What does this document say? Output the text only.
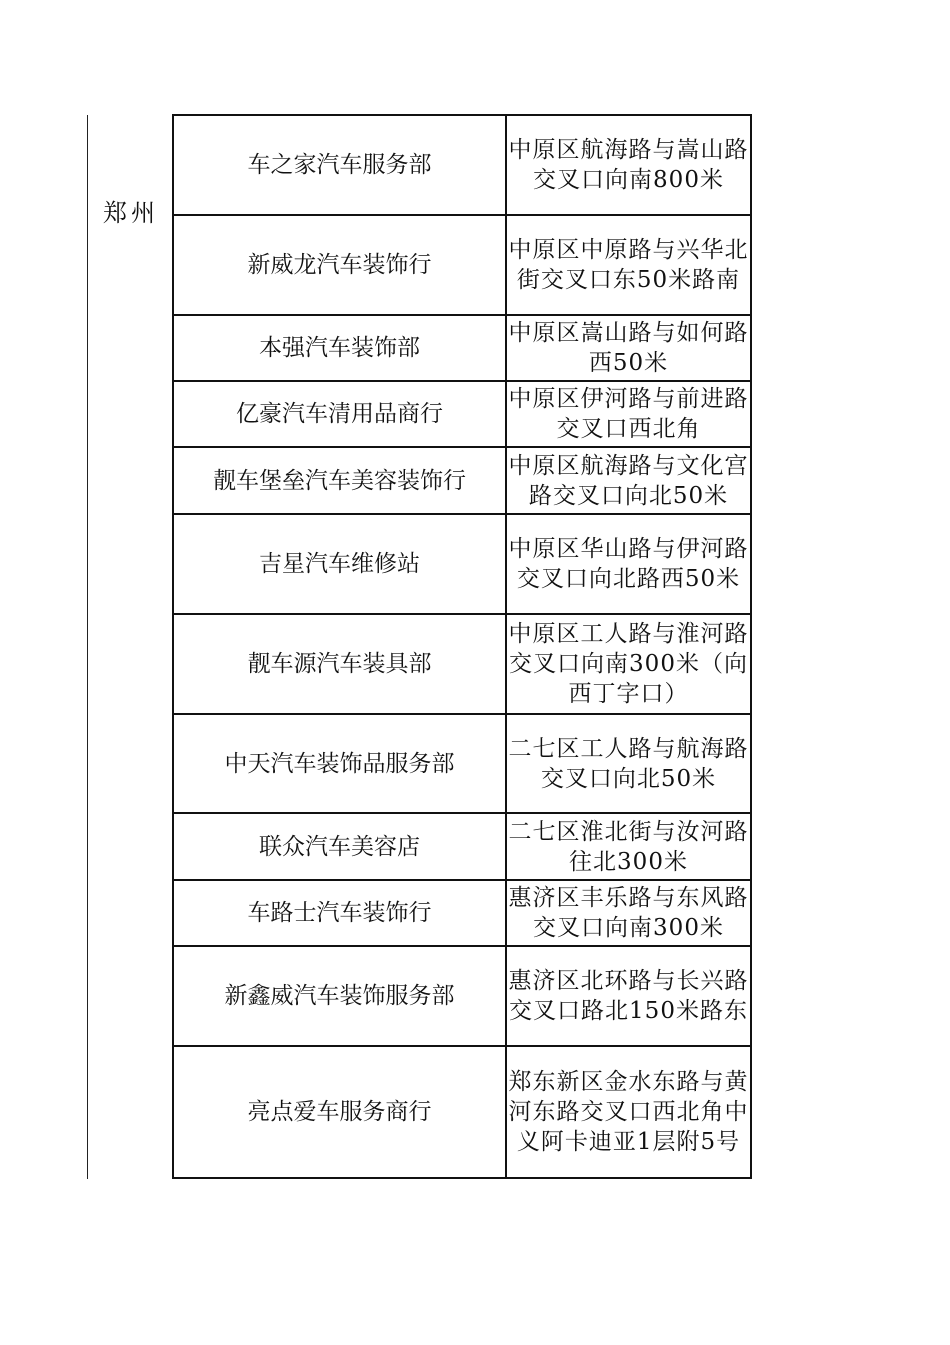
郑州
车之家汽车服务部	中原区航海路与嵩山路交叉口向南800米
新威龙汽车装饰行	中原区中原路与兴华北街交叉口东50米路南
本强汽车装饰部	中原区嵩山路与如何路西50米
亿豪汽车清用品商行	中原区伊河路与前进路交叉口西北角
靓车堡垒汽车美容装饰行	中原区航海路与文化宫路交叉口向北50米
吉星汽车维修站	中原区华山路与伊河路交叉口向北路西50米
靓车源汽车装具部	中原区工人路与淮河路交叉口向南300米（向西丁字口）
中天汽车装饰品服务部	二七区工人路与航海路交叉口向北50米
联众汽车美容店	二七区淮北街与汝河路往北300米
车路士汽车装饰行	惠济区丰乐路与东风路交叉口向南300米
新鑫威汽车装饰服务部	惠济区北环路与长兴路交叉口路北150米路东
亮点爱车服务商行	郑东新区金水东路与黄河东路交叉口西北角中义阿卡迪亚1层附5号
